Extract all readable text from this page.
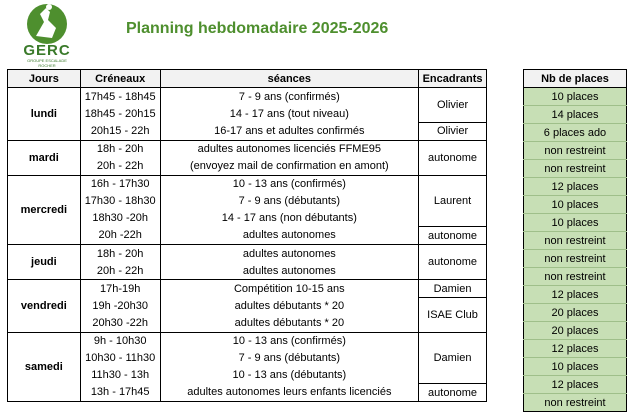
GERC
GROUPE ESCALADE ROCHER
Planning hebdomadaire 2025-2026
Jours	Créneaux	séances	Encadrants
lundi	17h45 - 18h45	7 - 9 ans (confirmés)	Olivier
	18h45 - 20h15	14 - 17 ans (tout niveau)	
	20h15 - 22h	16-17 ans et adultes confirmés	Olivier
mardi	18h - 20h	adultes autonomes licenciés FFME95	autonome
	20h - 22h	(envoyez mail de confirmation en amont)	
mercredi	16h - 17h30	10 - 13 ans (confirmés)	Laurent
	17h30 - 18h30	7 - 9 ans (débutants)	
	18h30 -20h	14 - 17 ans (non débutants)	
	20h -22h	adultes autonomes	autonome
jeudi	18h - 20h	adultes autonomes	autonome
	20h - 22h	adultes autonomes	
vendredi	17h-19h	Compétition 10-15 ans	Damien
	19h -20h30	adultes débutants * 20	ISAE Club
	20h30 -22h	adultes débutants * 20	
samedi	9h - 10h30	10 - 13 ans (confirmés)	Damien
	10h30 - 11h30	7 - 9 ans (débutants)	
	11h30 - 13h	10 - 13 ans (débutants)	
	13h - 17h45	adultes autonomes leurs enfants licenciés	autonome
Nb de places
10 places
14 places
6 places ado
non restreint
non restreint
12 places
10 places
10 places
non restreint
non restreint
non restreint
12 places
20 places
20 places
12 places
10 places
12 places
non restreint
